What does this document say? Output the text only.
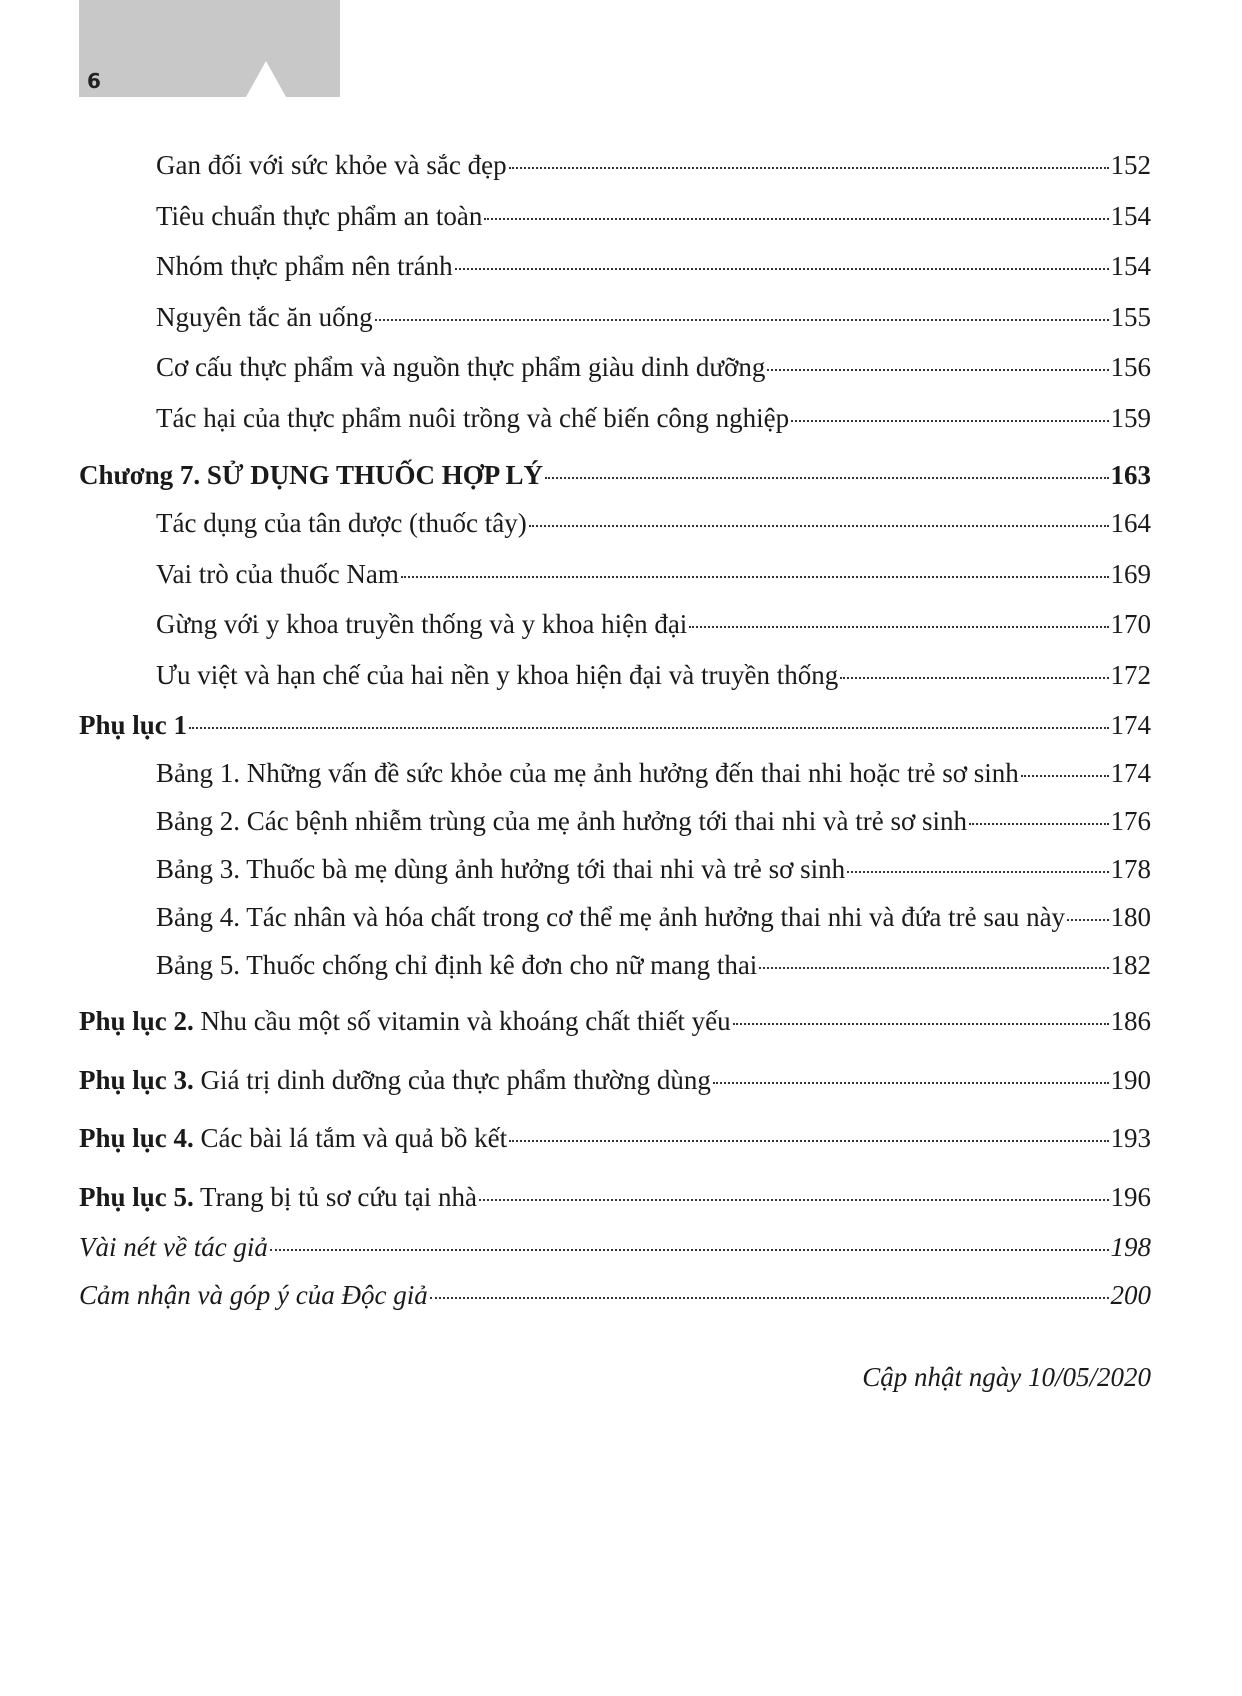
6
Gan đối với sức khỏe và sắc đẹp	152
Tiêu chuẩn thực phẩm an toàn	154
Nhóm thực phẩm nên tránh	154
Nguyên tắc ăn uống	155
Cơ cấu thực phẩm và nguồn thực phẩm giàu dinh dưỡng	156
Tác hại của thực phẩm nuôi trồng và chế biến công nghiệp	159
Chương 7. SỬ DỤNG THUỐC HỢP LÝ	163
Tác dụng của tân dược (thuốc tây)	164
Vai trò của thuốc Nam	169
Gừng với y khoa truyền thống và y khoa hiện đại	170
Ưu việt và hạn chế của hai nền y khoa hiện đại và truyền thống	172
Phụ lục 1	174
Bảng 1. Những vấn đề sức khỏe của mẹ ảnh hưởng đến thai nhi hoặc trẻ sơ sinh	174
Bảng 2. Các bệnh nhiễm trùng của mẹ ảnh hưởng tới thai nhi và trẻ sơ sinh	176
Bảng 3. Thuốc bà mẹ dùng ảnh hưởng tới thai nhi và trẻ sơ sinh	178
Bảng 4. Tác nhân và hóa chất trong cơ thể mẹ ảnh hưởng thai nhi và đứa trẻ sau này 180
Bảng 5. Thuốc chống chỉ định kê đơn cho nữ mang thai	182
Phụ lục 2. Nhu cầu một số vitamin và khoáng chất thiết yếu	186
Phụ lục 3. Giá trị dinh dưỡng của thực phẩm thường dùng	190
Phụ lục 4. Các bài lá tắm và quả bồ kết	193
Phụ lục 5. Trang bị tủ sơ cứu tại nhà	196
Vài nét về tác giả	198
Cảm nhận và góp ý của Độc giả	200
Cập nhật ngày 10/05/2020
